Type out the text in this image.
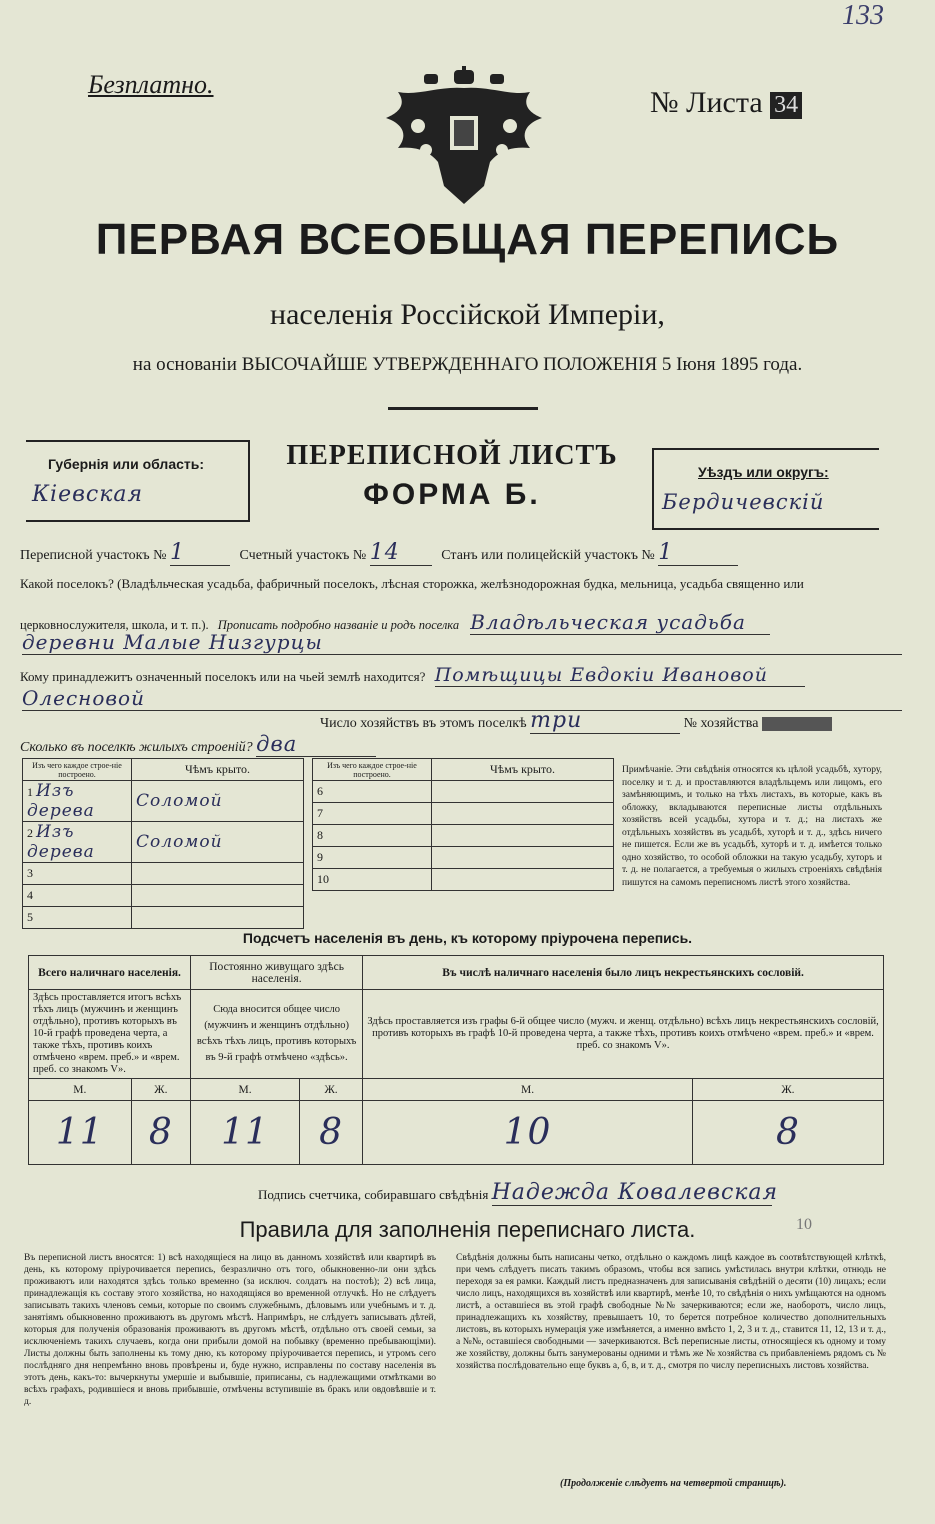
Безплатно.
133
№ Листа 34
ПЕРВАЯ ВСЕОБЩАЯ ПЕРЕПИСЬ
населенія Россійской Имперіи,
на основаніи ВЫСОЧАЙШЕ УТВЕРЖДЕННАГО ПОЛОЖЕНІЯ 5 Іюня 1895 года.
Губернія или область:
Кіевская
ПЕРЕПИСНОЙ ЛИСТЪ
ФОРМА Б.
Уѣздъ или округъ:
Бердичевскій
Переписной участокъ № 1	Счетный участокъ № 14	Станъ или полицейскій участокъ № 1
Какой поселокъ? (Владѣльческая усадьба, фабричный поселокъ, лѣсная сторожка, желѣзнодорожная будка, мельница, усадьба священно или
церковнослужителя, школа, и т. п.). Прописать подробно названіе и родъ поселка Владѣльческая усадьба
деревни Малые Низгурцы
Кому принадлежитъ означенный поселокъ или на чьей землѣ находится? Помѣщицы Евдокіи Ивановой
Олесновой
Число хозяйствъ въ этомъ поселкѣ три	№ хозяйства
Сколько въ поселкѣ жилыхъ строеній? два
Изъ чего каждое строе-ніе построено.	Чѣмъ крыто.
1 Изъ дерева	Соломой
2 Изъ дерева	Соломой
3	
4	
5	
Изъ чего каждое строе-ніе построено.	Чѣмъ крыто.
6	
7	
8	
9	
10	
Примѣчаніе. Эти свѣдѣнія относятся къ цѣлой усадьбѣ, хутору, поселку и т. д. и проставляются владѣльцемъ или лицомъ, его замѣняющимъ, и только на тѣхъ листахъ, въ которые, какъ въ обложку, вкладываются переписные листы отдѣльныхъ хозяйствъ всей усадьбы, хутора и т. д.; на листахъ же отдѣльныхъ хозяйствъ въ усадьбѣ, хуторѣ и т. д., здѣсь ничего не пишется. Если же въ усадьбѣ, хуторѣ и т. д. имѣется только одно хозяйство, то особой обложки на такую усадьбу, хуторъ и т. д. не полагается, а требуемыя о жилыхъ строеніяхъ свѣдѣнія пишутся на самомъ переписномъ листѣ этого хозяйства.
Подсчетъ населенія въ день, къ которому пріурочена перепись.
Всего наличнаго населенія.		Постоянно живущаго здѣсь населенія.		Въ числѣ наличнаго населенія было лицъ некрестьянскихъ сословій.	
Здѣсь проставляется итогъ всѣхъ тѣхъ лицъ (мужчинъ и женщинъ отдѣльно), противъ которыхъ въ 10-й графѣ проведена черта, а также тѣхъ, противъ коихъ отмѣчено «врем. преб.» и «врем. преб. со знакомъ V».		Сюда вносится общее число (мужчинъ и женщинъ отдѣльно) всѣхъ тѣхъ лицъ, противъ которыхъ въ 9-й графѣ отмѣчено «здѣсь».		Здѣсь проставляется изъ графы 6-й общее число (мужч. и женщ. отдѣльно) всѣхъ лицъ некрестьянскихъ сословій, противъ которыхъ въ графѣ 10-й проведена черта, а также тѣхъ, противъ коихъ отмѣчено «врем. преб.» и «врем. преб. со знакомъ V».	
М.	Ж.	М.	Ж.	М.	Ж.
11	8	11	8	10	8
Подпись счетчика, собиравшаго свѣдѣнія Надежда Ковалевская
Правила для заполненія переписнаго листа.	10
Въ переписной листъ вносятся: 1) всѣ находящіеся на лицо въ данномъ хозяйствѣ или квартирѣ въ день, къ которому пріурочивается перепись, безразлично отъ того, обыкновенно-ли они здѣсь проживаютъ или находятся здѣсь только временно (за исключ. солдатъ на постоѣ); 2) всѣ лица, принадлежащія къ составу этого хозяйства, но находящіяся во временной отлучкѣ. Но не слѣдуетъ записывать такихъ членовъ семьи, которые по своимъ служебнымъ, дѣловымъ или учебнымъ и т. д. занятіямъ обыкновенно проживаютъ въ другомъ мѣстѣ. Напримѣръ, не слѣдуетъ записывать дѣтей, которыя для полученія образованія проживаютъ въ другомъ мѣстѣ, отдѣльно отъ своей семьи, за исключеніемъ такихъ случаевъ, когда они прибыли домой на побывку (временно пребывающіми). Листы должны быть заполнены къ тому дню, къ которому пріурочивается перепись, и утромъ сего послѣдняго дня непремѣнно вновь провѣрены и, буде нужно, исправлены по составу населенія въ этотъ день, какъ-то: вычеркнуты умершіе и выбывшіе, приписаны, съ надлежащими отмѣтками во всѣхъ графахъ, родившіеся и вновь прибывшіе, отмѣчены вступившіе въ бракъ или овдовѣвшіе и т. д.
Свѣдѣнія должны быть написаны четко, отдѣльно о каждомъ лицѣ каждое въ соотвѣтствующей клѣткѣ, при чемъ слѣдуетъ писать такимъ образомъ, чтобы вся запись умѣстилась внутри клѣтки, отнюдь не переходя за ея рамки. Каждый листъ предназначенъ для записыванія свѣдѣній о десяти (10) лицахъ; если число лицъ, находящихся въ хозяйствѣ или квартирѣ, менѣе 10, то свѣдѣнія о нихъ умѣщаются на одномъ листѣ, а оставшіеся въ этой графѣ свободные №№ зачеркиваются; если же, наоборотъ, число лицъ, принадлежащихъ къ хозяйству, превышаетъ 10, то берется потребное количество дополнительныхъ листовъ, въ которыхъ нумерація уже измѣняется, а именно вмѣсто 1, 2, 3 и т. д., ставится 11, 12, 13 и т. д., а №№, оставшіеся свободными — зачеркиваются. Всѣ переписные листы, относящіеся къ одному и тому же хозяйству, должны быть занумерованы одними и тѣмъ же № хозяйства съ прибавленіемъ рядомъ съ № хозяйства послѣдовательно еще буквъ а, б, в, и т. д., смотря по числу переписныхъ листовъ хозяйства.
(Продолженіе слѣдуетъ на четвертой страницѣ).
